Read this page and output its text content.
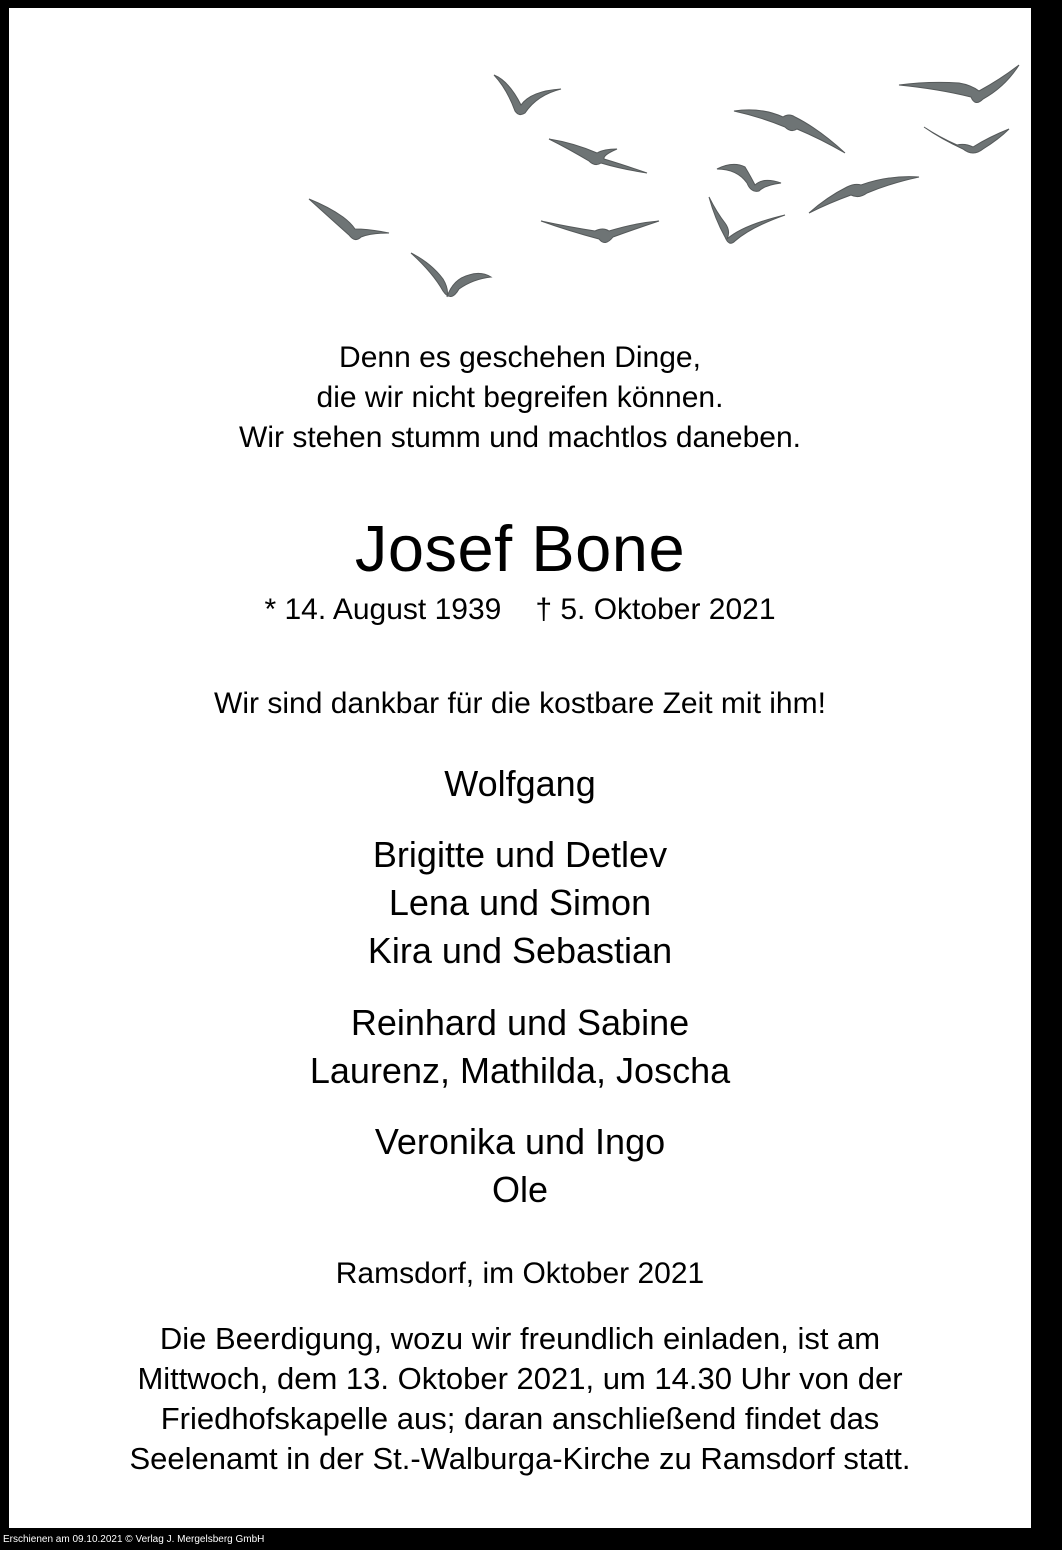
Denn es geschehen Dinge,
die wir nicht begreifen können.
Wir stehen stumm und machtlos daneben.
Josef Bone
* 14. August 1939 † 5. Oktober 2021
Wir sind dankbar für die kostbare Zeit mit ihm!
Wolfgang
Brigitte und Detlev
Lena und Simon
Kira und Sebastian
Reinhard und Sabine
Laurenz, Mathilda, Joscha
Veronika und Ingo
Ole
Ramsdorf, im Oktober 2021
Die Beerdigung, wozu wir freundlich einladen, ist am
Mittwoch, dem 13. Oktober 2021, um 14.30 Uhr von der
Friedhofskapelle aus; daran anschließend findet das
Seelenamt in der St.-Walburga-Kirche zu Ramsdorf statt.
Erschienen am 09.10.2021 © Verlag J. Mergelsberg GmbH
